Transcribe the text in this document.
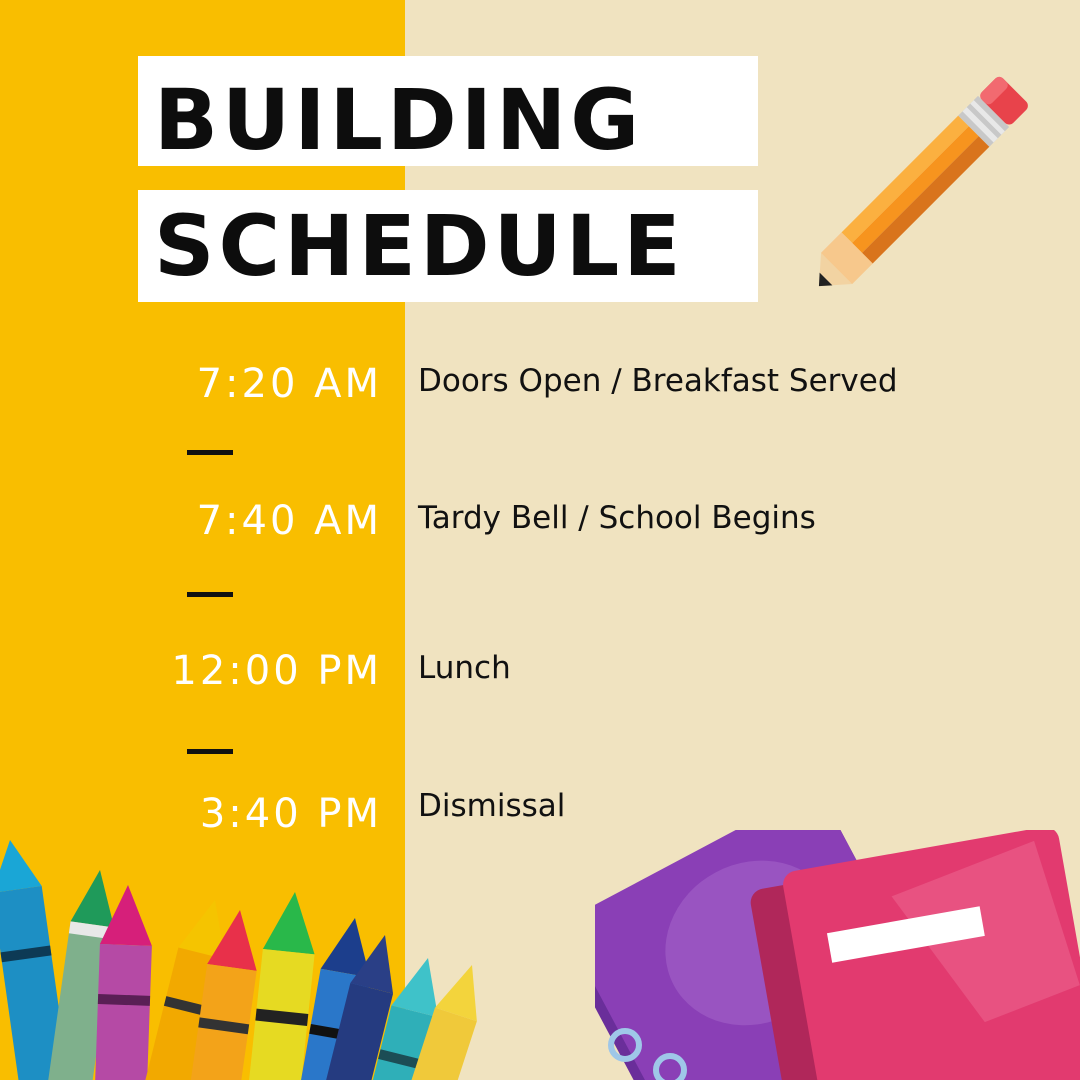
BUILDING
SCHEDULE
7:20 AM Doors Open / Breakfast Served
7:40 AM Tardy Bell / School Begins
12:00 PM Lunch
3:40 PM Dismissal
